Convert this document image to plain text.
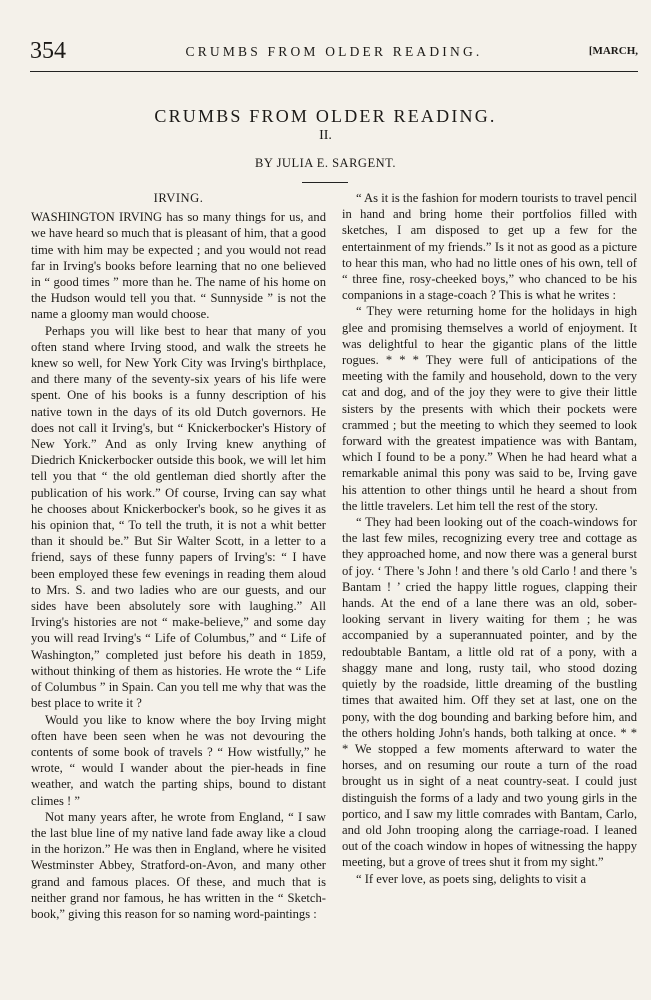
354	CRUMBS FROM OLDER READING.	[MARCH,
CRUMBS FROM OLDER READING.
II.
BY JULIA E. SARGENT.

IRVING.

WASHINGTON IRVING has so many things for us, and we have heard so much that is pleasant of him, that a good time with him may be expected ; and you would not read far in Irving's books before learning that no one believed in “ good times ” more than he. The name of his home on the Hudson would tell you that. “ Sunnyside ” is not the name a gloomy man would choose.

Perhaps you will like best to hear that many of you often stand where Irving stood, and walk the streets he knew so well, for New York City was Irving's birthplace, and there many of the seventy-six years of his life were spent. One of his books is a funny description of his native town in the days of its old Dutch governors. He does not call it Irving's, but “ Knickerbocker's History of New York.” And as only Irving knew anything of Diedrich Knickerbocker outside this book, we will let him tell you that “ the old gentleman died shortly after the publication of his work.” Of course, Irving can say what he chooses about Knickerbocker's book, so he gives it as his opinion that, “ To tell the truth, it is not a whit better than it should be.” But Sir Walter Scott, in a letter to a friend, says of these funny papers of Irving's: “ I have been employed these few evenings in reading them aloud to Mrs. S. and two ladies who are our guests, and our sides have been absolutely sore with laughing.” All Irving's histories are not “ make-believe,” and some day you will read Irving's “ Life of Columbus,” and “ Life of Washington,” completed just before his death in 1859, without thinking of them as histories. He wrote the “ Life of Columbus ” in Spain. Can you tell me why that was the best place to write it ?

Would you like to know where the boy Irving might often have been seen when he was not devouring the contents of some book of travels ? “ How wistfully,” he wrote, “ would I wander about the pier-heads in fine weather, and watch the parting ships, bound to distant climes ! ”

Not many years after, he wrote from England, “ I saw the last blue line of my native land fade away like a cloud in the horizon.” He was then in England, where he visited Westminster Abbey, Stratford-on-Avon, and many other grand and famous places. Of these, and much that is neither grand nor famous, he has written in the “ Sketch-book,” giving this reason for so naming word-paintings :

“ As it is the fashion for modern tourists to travel pencil in hand and bring home their portfolios filled with sketches, I am disposed to get up a few for the entertainment of my friends.” Is it not as good as a picture to hear this man, who had no little ones of his own, tell of “ three fine, rosy-cheeked boys,” who chanced to be his companions in a stage-coach ? This is what he writes :

“ They were returning home for the holidays in high glee and promising themselves a world of enjoyment. It was delightful to hear the gigantic plans of the little rogues. * * * They were full of anticipations of the meeting with the family and household, down to the very cat and dog, and of the joy they were to give their little sisters by the presents with which their pockets were crammed ; but the meeting to which they seemed to look forward with the greatest impatience was with Bantam, which I found to be a pony.” When he had heard what a remarkable animal this pony was said to be, Irving gave his attention to other things until he heard a shout from the little travelers. Let him tell the rest of the story.

“ They had been looking out of the coach-windows for the last few miles, recognizing every tree and cottage as they approached home, and now there was a general burst of joy. ‘ There 's John ! and there 's old Carlo ! and there 's Bantam ! ’ cried the happy little rogues, clapping their hands. At the end of a lane there was an old, sober-looking servant in livery waiting for them ; he was accompanied by a superannuated pointer, and by the redoubtable Bantam, a little old rat of a pony, with a shaggy mane and long, rusty tail, who stood dozing quietly by the roadside, little dreaming of the bustling times that awaited him. Off they set at last, one on the pony, with the dog bounding and barking before him, and the others holding John's hands, both talking at once. * * * We stopped a few moments afterward to water the horses, and on resuming our route a turn of the road brought us in sight of a neat country-seat. I could just distinguish the forms of a lady and two young girls in the portico, and I saw my little comrades with Bantam, Carlo, and old John trooping along the carriage-road. I leaned out of the coach window in hopes of witnessing the happy meeting, but a grove of trees shut it from my sight.”

“ If ever love, as poets sing, delights to visit a
